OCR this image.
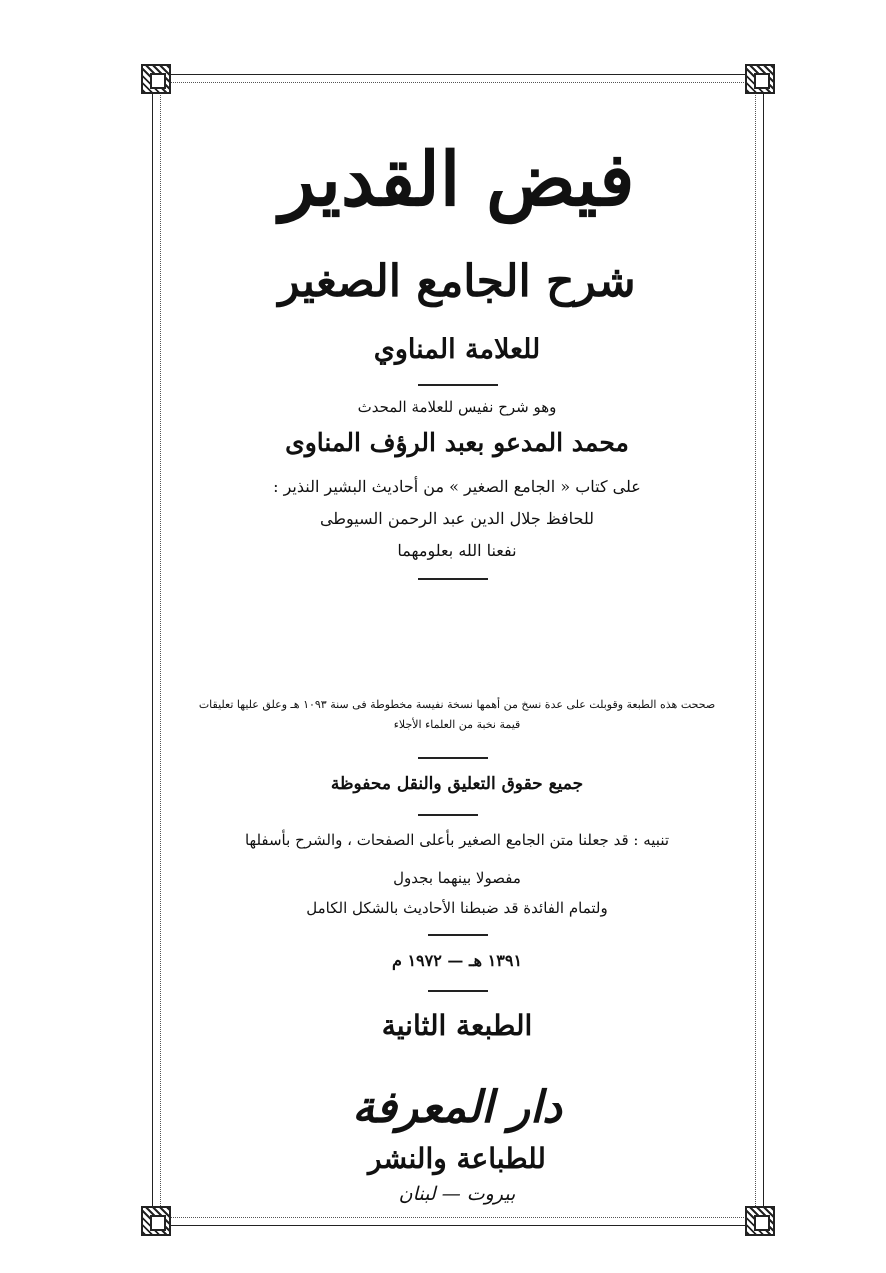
فيض القدير
شرح الجامع الصغير
للعلامة المناوي
وهو شرح نفيس للعلامة المحدث
محمد المدعو بعبد الرؤف المناوى
على كتاب « الجامع الصغير » من أحاديث البشير النذير :
للحافظ جلال الدين عبد الرحمن السيوطى
نفعنا الله بعلومهما
صححت هذه الطبعة وقوبلت على عدة نسخ من أهمها نسخة نفيسة مخطوطة فى سنة ١٠٩٣ هـ وعلق عليها تعليقات قيمة نخبة من العلماء الأجلاء
جميع حقوق التعليق والنقل محفوظة
تنبيه : قد جعلنا متن الجامع الصغير بأعلى الصفحات ، والشرح بأسفلها
مفصولا بينهما بجدول
ولتمام الفائدة قد ضبطنا الأحاديث بالشكل الكامل
١٣٩١ هـ — ١٩٧٢ م
الطبعة الثانية
دار المعرفة
للطباعة والنشر
بيروت — لبنان
